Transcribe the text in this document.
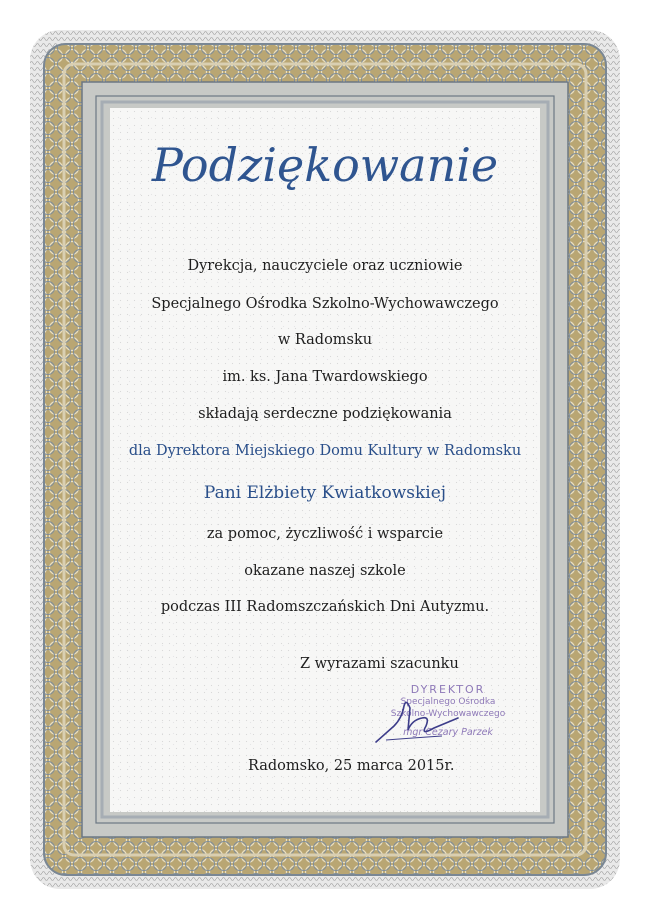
Podziękowanie
Dyrekcja, nauczyciele oraz uczniowie
Specjalnego Ośrodka Szkolno-Wychowawczego
w Radomsku
im. ks. Jana Twardowskiego
składają serdeczne podziękowania
dla Dyrektora Miejskiego Domu Kultury w Radomsku
Pani Elżbiety Kwiatkowskiej
za pomoc, życzliwość i wsparcie
okazane naszej szkole
podczas III Radomszczańskich Dni Autyzmu.
Z wyrazami szacunku
DYREKTOR
Specjalnego Ośrodka
Szkolno-Wychowawczego
mgr Cezary Parzek
Radomsko, 25 marca 2015r.
